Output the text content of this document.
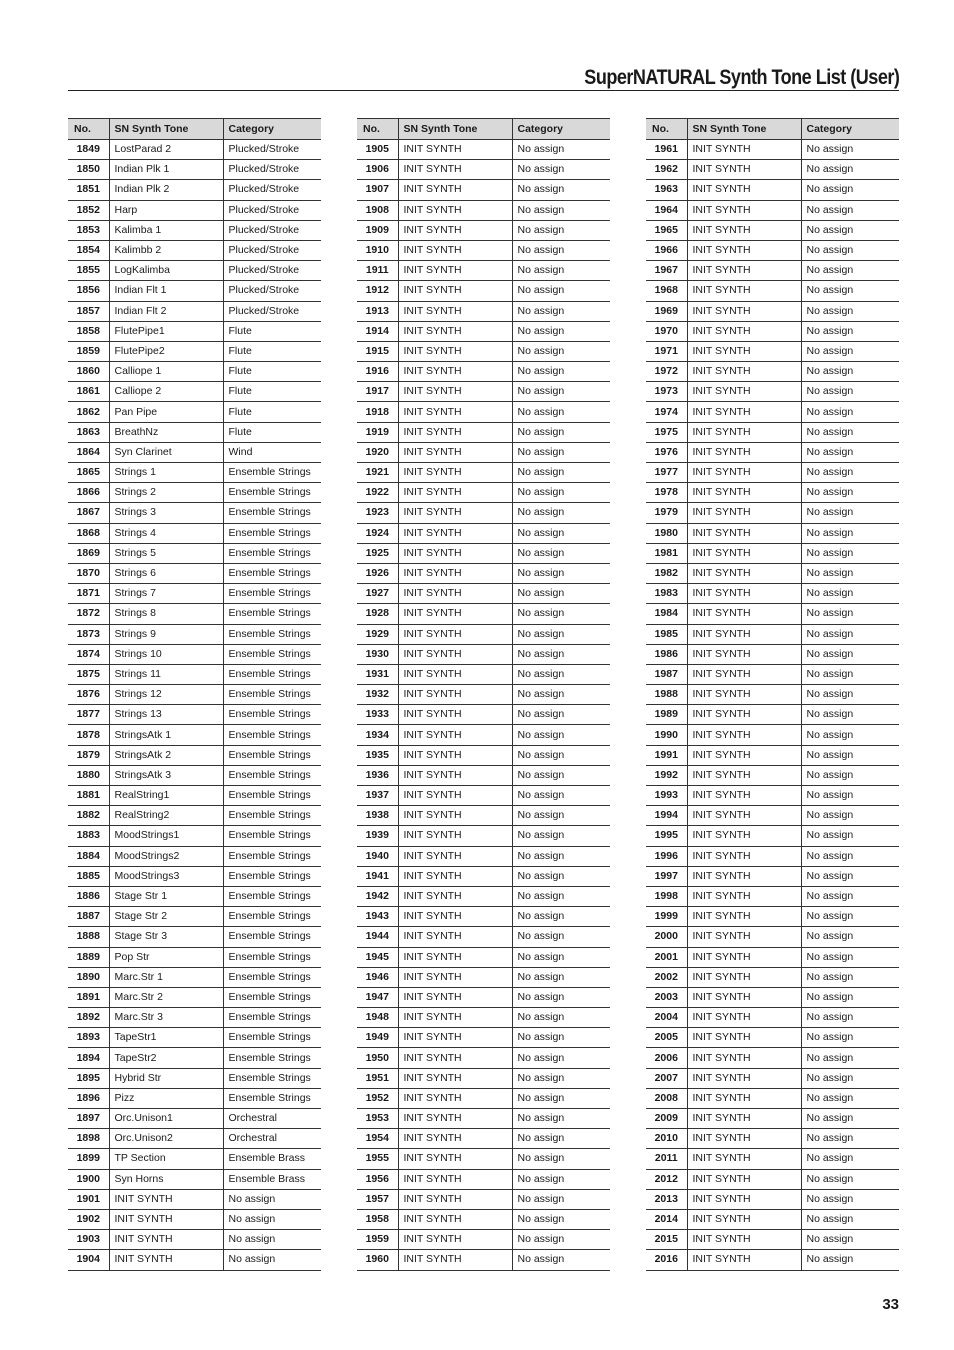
SuperNATURAL Synth Tone List (User)
No.	SN Synth Tone	Category
1849	LostParad 2	Plucked/Stroke
1850	Indian Plk 1	Plucked/Stroke
1851	Indian Plk 2	Plucked/Stroke
1852	Harp	Plucked/Stroke
1853	Kalimba 1	Plucked/Stroke
1854	Kalimbb 2	Plucked/Stroke
1855	LogKalimba	Plucked/Stroke
1856	Indian Flt 1	Plucked/Stroke
1857	Indian Flt 2	Plucked/Stroke
1858	FlutePipe1	Flute
1859	FlutePipe2	Flute
1860	Calliope 1	Flute
1861	Calliope 2	Flute
1862	Pan Pipe	Flute
1863	BreathNz	Flute
1864	Syn Clarinet	Wind
1865	Strings 1	Ensemble Strings
1866	Strings 2	Ensemble Strings
1867	Strings 3	Ensemble Strings
1868	Strings 4	Ensemble Strings
1869	Strings 5	Ensemble Strings
1870	Strings 6	Ensemble Strings
1871	Strings 7	Ensemble Strings
1872	Strings 8	Ensemble Strings
1873	Strings 9	Ensemble Strings
1874	Strings 10	Ensemble Strings
1875	Strings 11	Ensemble Strings
1876	Strings 12	Ensemble Strings
1877	Strings 13	Ensemble Strings
1878	StringsAtk 1	Ensemble Strings
1879	StringsAtk 2	Ensemble Strings
1880	StringsAtk 3	Ensemble Strings
1881	RealString1	Ensemble Strings
1882	RealString2	Ensemble Strings
1883	MoodStrings1	Ensemble Strings
1884	MoodStrings2	Ensemble Strings
1885	MoodStrings3	Ensemble Strings
1886	Stage Str 1	Ensemble Strings
1887	Stage Str 2	Ensemble Strings
1888	Stage Str 3	Ensemble Strings
1889	Pop Str	Ensemble Strings
1890	Marc.Str 1	Ensemble Strings
1891	Marc.Str 2	Ensemble Strings
1892	Marc.Str 3	Ensemble Strings
1893	TapeStr1	Ensemble Strings
1894	TapeStr2	Ensemble Strings
1895	Hybrid Str	Ensemble Strings
1896	Pizz	Ensemble Strings
1897	Orc.Unison1	Orchestral
1898	Orc.Unison2	Orchestral
1899	TP Section	Ensemble Brass
1900	Syn Horns	Ensemble Brass
1901	INIT SYNTH	No assign
1902	INIT SYNTH	No assign
1903	INIT SYNTH	No assign
1904	INIT SYNTH	No assign
No.	SN Synth Tone	Category
1905	INIT SYNTH	No assign
1906	INIT SYNTH	No assign
1907	INIT SYNTH	No assign
1908	INIT SYNTH	No assign
1909	INIT SYNTH	No assign
1910	INIT SYNTH	No assign
1911	INIT SYNTH	No assign
1912	INIT SYNTH	No assign
1913	INIT SYNTH	No assign
1914	INIT SYNTH	No assign
1915	INIT SYNTH	No assign
1916	INIT SYNTH	No assign
1917	INIT SYNTH	No assign
1918	INIT SYNTH	No assign
1919	INIT SYNTH	No assign
1920	INIT SYNTH	No assign
1921	INIT SYNTH	No assign
1922	INIT SYNTH	No assign
1923	INIT SYNTH	No assign
1924	INIT SYNTH	No assign
1925	INIT SYNTH	No assign
1926	INIT SYNTH	No assign
1927	INIT SYNTH	No assign
1928	INIT SYNTH	No assign
1929	INIT SYNTH	No assign
1930	INIT SYNTH	No assign
1931	INIT SYNTH	No assign
1932	INIT SYNTH	No assign
1933	INIT SYNTH	No assign
1934	INIT SYNTH	No assign
1935	INIT SYNTH	No assign
1936	INIT SYNTH	No assign
1937	INIT SYNTH	No assign
1938	INIT SYNTH	No assign
1939	INIT SYNTH	No assign
1940	INIT SYNTH	No assign
1941	INIT SYNTH	No assign
1942	INIT SYNTH	No assign
1943	INIT SYNTH	No assign
1944	INIT SYNTH	No assign
1945	INIT SYNTH	No assign
1946	INIT SYNTH	No assign
1947	INIT SYNTH	No assign
1948	INIT SYNTH	No assign
1949	INIT SYNTH	No assign
1950	INIT SYNTH	No assign
1951	INIT SYNTH	No assign
1952	INIT SYNTH	No assign
1953	INIT SYNTH	No assign
1954	INIT SYNTH	No assign
1955	INIT SYNTH	No assign
1956	INIT SYNTH	No assign
1957	INIT SYNTH	No assign
1958	INIT SYNTH	No assign
1959	INIT SYNTH	No assign
1960	INIT SYNTH	No assign
No.	SN Synth Tone	Category
1961	INIT SYNTH	No assign
1962	INIT SYNTH	No assign
1963	INIT SYNTH	No assign
1964	INIT SYNTH	No assign
1965	INIT SYNTH	No assign
1966	INIT SYNTH	No assign
1967	INIT SYNTH	No assign
1968	INIT SYNTH	No assign
1969	INIT SYNTH	No assign
1970	INIT SYNTH	No assign
1971	INIT SYNTH	No assign
1972	INIT SYNTH	No assign
1973	INIT SYNTH	No assign
1974	INIT SYNTH	No assign
1975	INIT SYNTH	No assign
1976	INIT SYNTH	No assign
1977	INIT SYNTH	No assign
1978	INIT SYNTH	No assign
1979	INIT SYNTH	No assign
1980	INIT SYNTH	No assign
1981	INIT SYNTH	No assign
1982	INIT SYNTH	No assign
1983	INIT SYNTH	No assign
1984	INIT SYNTH	No assign
1985	INIT SYNTH	No assign
1986	INIT SYNTH	No assign
1987	INIT SYNTH	No assign
1988	INIT SYNTH	No assign
1989	INIT SYNTH	No assign
1990	INIT SYNTH	No assign
1991	INIT SYNTH	No assign
1992	INIT SYNTH	No assign
1993	INIT SYNTH	No assign
1994	INIT SYNTH	No assign
1995	INIT SYNTH	No assign
1996	INIT SYNTH	No assign
1997	INIT SYNTH	No assign
1998	INIT SYNTH	No assign
1999	INIT SYNTH	No assign
2000	INIT SYNTH	No assign
2001	INIT SYNTH	No assign
2002	INIT SYNTH	No assign
2003	INIT SYNTH	No assign
2004	INIT SYNTH	No assign
2005	INIT SYNTH	No assign
2006	INIT SYNTH	No assign
2007	INIT SYNTH	No assign
2008	INIT SYNTH	No assign
2009	INIT SYNTH	No assign
2010	INIT SYNTH	No assign
2011	INIT SYNTH	No assign
2012	INIT SYNTH	No assign
2013	INIT SYNTH	No assign
2014	INIT SYNTH	No assign
2015	INIT SYNTH	No assign
2016	INIT SYNTH	No assign

33
